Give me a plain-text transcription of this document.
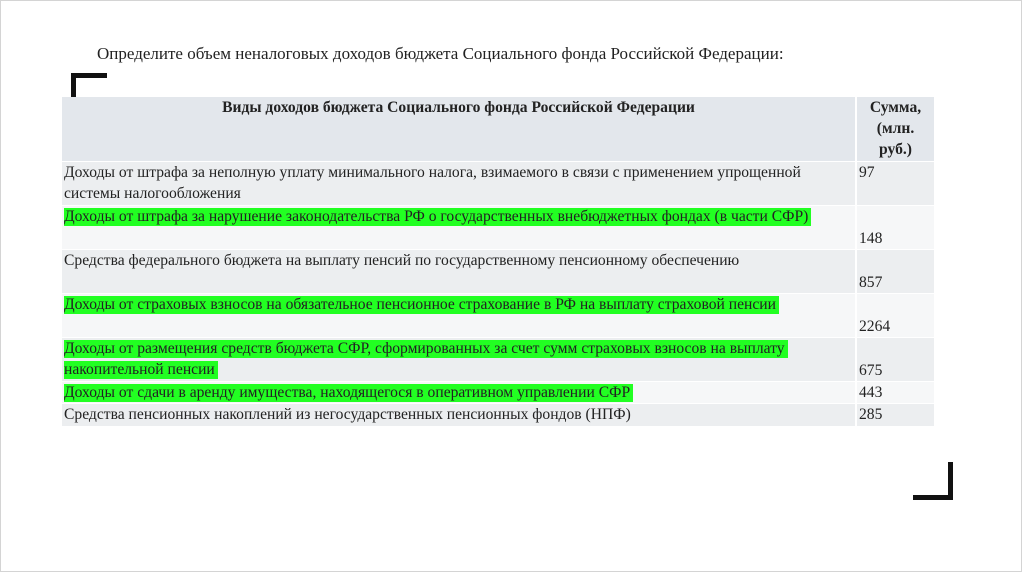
Определите объем неналоговых доходов бюджета Социального фонда Российской Федерации:
Виды доходов бюджета Социального фонда Российской Федерации	Сумма,
(млн.
руб.)

Доходы от штрафа за неполную уплату минимального налога, взимаемого в связи с применением упрощенной системы налогообложения	97
Доходы от штрафа за нарушение законодательства РФ о государственных внебюджетных фондах (в части СФР)	148
Средства федерального бюджета на выплату пенсий по государственному пенсионному обеспечению	857
Доходы от страховых взносов на обязательное пенсионное страхование в РФ на выплату страховой пенсии	2264
Доходы от размещения средств бюджета СФР, сформированных за счет сумм страховых взносов на выплату накопительной пенсии	675
Доходы от сдачи в аренду имущества, находящегося в оперативном управлении СФР	443
Средства пенсионных накоплений из негосударственных пенсионных фондов (НПФ)	285
